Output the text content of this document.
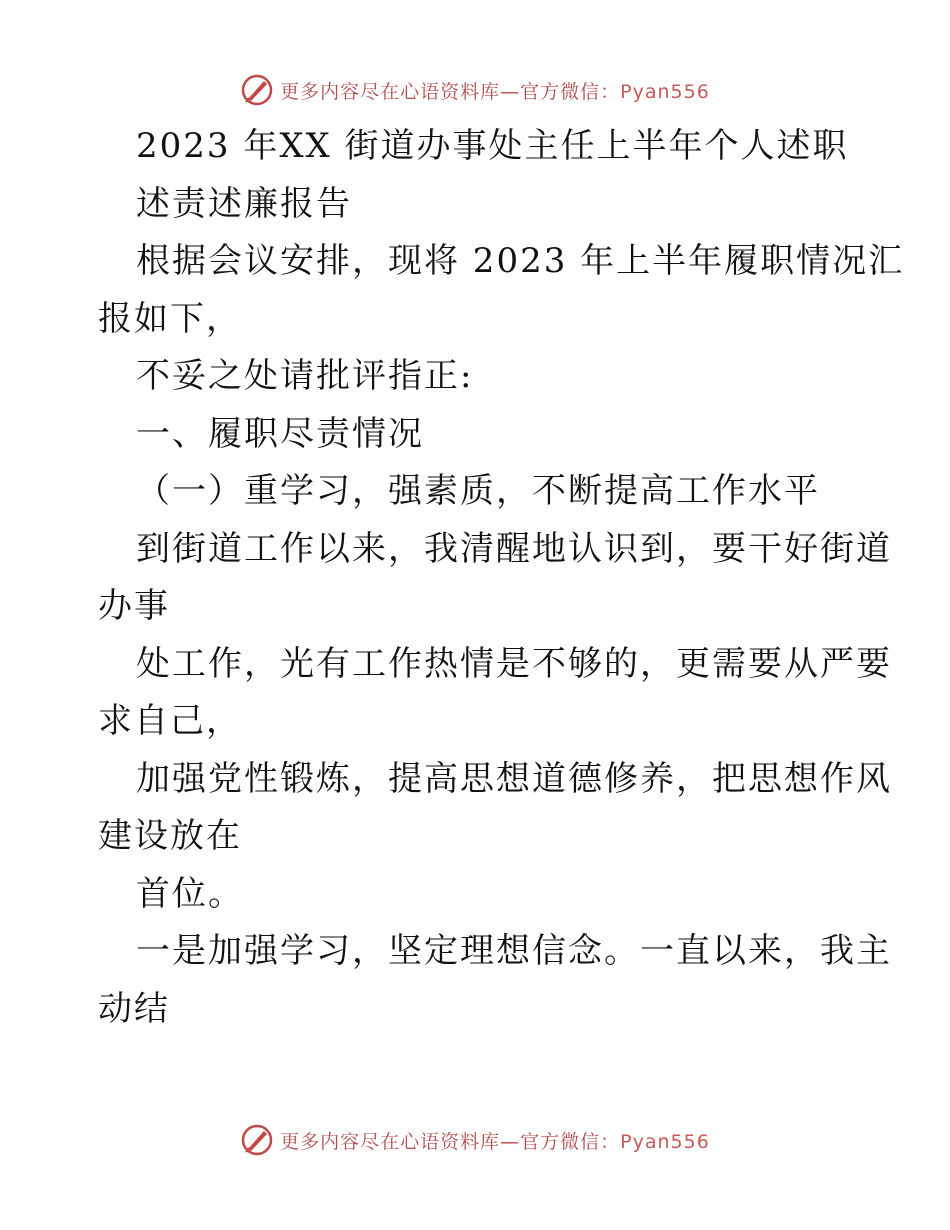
更多内容尽在心语资料库—官方微信：Pyan556
2023 年XX 街道办事处主任上半年个人述职
述责述廉报告
根据会议安排，现将 2023 年上半年履职情况汇
报如下，
不妥之处请批评指正:
一、履职尽责情况
（一）重学习，强素质，不断提高工作水平
到街道工作以来，我清醒地认识到，要干好街道
办事
处工作，光有工作热情是不够的，更需要从严要
求自己，
加强党性锻炼，提高思想道德修养，把思想作风
建设放在
首位。
一是加强学习，坚定理想信念。一直以来，我主
动结
更多内容尽在心语资料库—官方微信：Pyan556
